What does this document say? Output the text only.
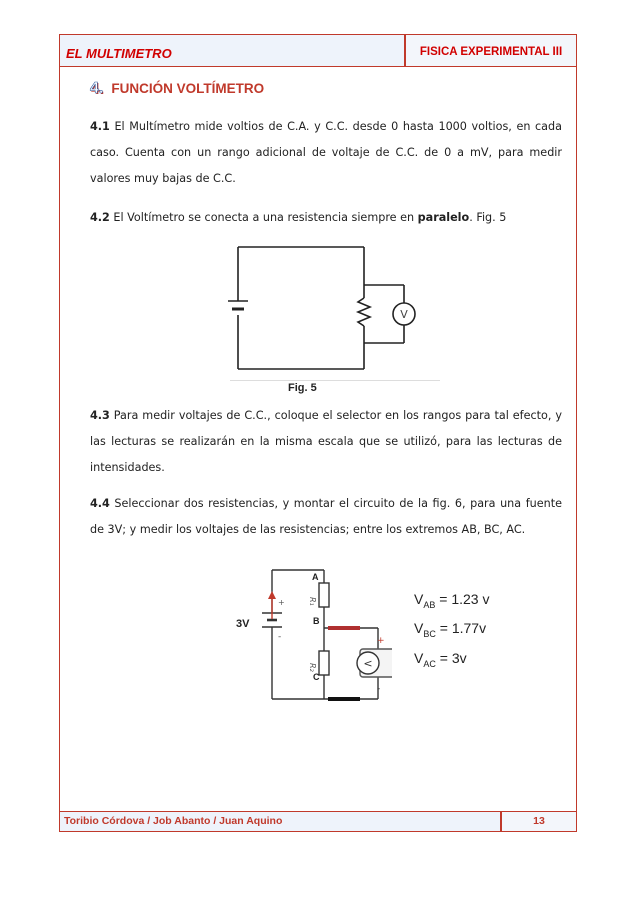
EL MULTIMETRO	FISICA EXPERIMENTAL III
4. FUNCIÓN VOLTÍMETRO
4.1 El Multímetro mide voltios de C.A. y C.C. desde 0 hasta 1000 voltios, en cada caso. Cuenta con un rango adicional de voltaje de C.C. de 0 a mV, para medir valores muy bajas de C.C.
4.2 El Voltímetro se conecta a una resistencia siempre en paralelo. Fig. 5
V
Fig. 5
4.3 Para medir voltajes de C.C., coloque el selector en los rangos para tal efecto, y las lecturas se realizarán en la misma escala que se utilizó, para las lecturas de intensidades.
4.4 Seleccionar dos resistencias, y montar el circuito de la fig. 6, para una fuente de 3V; y medir los voltajes de las resistencias; entre los extremos AB, BC, AC.
+
-
R₁
R₂
+
-
<
A
B
C
3V
$V_{AB} = 1.23$ v
$V_{BC} = 1.77v$
$V_{AC} = 3v$
Toribio Córdova / Job Abanto / Juan Aquino	13
